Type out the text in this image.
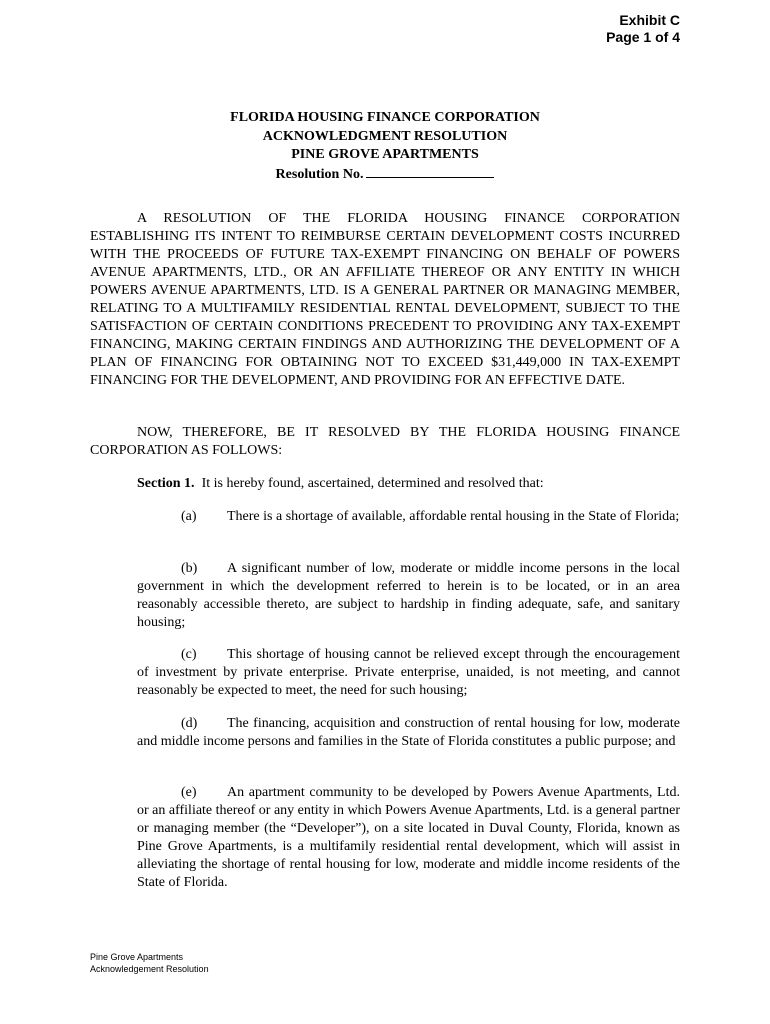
Exhibit C
Page 1 of 4
FLORIDA HOUSING FINANCE CORPORATION
ACKNOWLEDGMENT RESOLUTION
PINE GROVE APARTMENTS
Resolution No.
A RESOLUTION OF THE FLORIDA HOUSING FINANCE CORPORATION ESTABLISHING ITS INTENT TO REIMBURSE CERTAIN DEVELOPMENT COSTS INCURRED WITH THE PROCEEDS OF FUTURE TAX-EXEMPT FINANCING ON BEHALF OF POWERS AVENUE APARTMENTS, LTD., OR AN AFFILIATE THEREOF OR ANY ENTITY IN WHICH POWERS AVENUE APARTMENTS, LTD. IS A GENERAL PARTNER OR MANAGING MEMBER, RELATING TO A MULTIFAMILY RESIDENTIAL RENTAL DEVELOPMENT, SUBJECT TO THE SATISFACTION OF CERTAIN CONDITIONS PRECEDENT TO PROVIDING ANY TAX-EXEMPT FINANCING, MAKING CERTAIN FINDINGS AND AUTHORIZING THE DEVELOPMENT OF A PLAN OF FINANCING FOR OBTAINING NOT TO EXCEED $31,449,000 IN TAX-EXEMPT FINANCING FOR THE DEVELOPMENT, AND PROVIDING FOR AN EFFECTIVE DATE.
NOW, THEREFORE, BE IT RESOLVED BY THE FLORIDA HOUSING FINANCE CORPORATION AS FOLLOWS:
Section 1. It is hereby found, ascertained, determined and resolved that:
(a) There is a shortage of available, affordable rental housing in the State of Florida;
(b) A significant number of low, moderate or middle income persons in the local government in which the development referred to herein is to be located, or in an area reasonably accessible thereto, are subject to hardship in finding adequate, safe, and sanitary housing;
(c) This shortage of housing cannot be relieved except through the encouragement of investment by private enterprise. Private enterprise, unaided, is not meeting, and cannot reasonably be expected to meet, the need for such housing;
(d) The financing, acquisition and construction of rental housing for low, moderate and middle income persons and families in the State of Florida constitutes a public purpose; and
(e) An apartment community to be developed by Powers Avenue Apartments, Ltd. or an affiliate thereof or any entity in which Powers Avenue Apartments, Ltd. is a general partner or managing member (the “Developer”), on a site located in Duval County, Florida, known as Pine Grove Apartments, is a multifamily residential rental development, which will assist in alleviating the shortage of rental housing for low, moderate and middle income residents of the State of Florida.
Pine Grove Apartments
Acknowledgement Resolution
